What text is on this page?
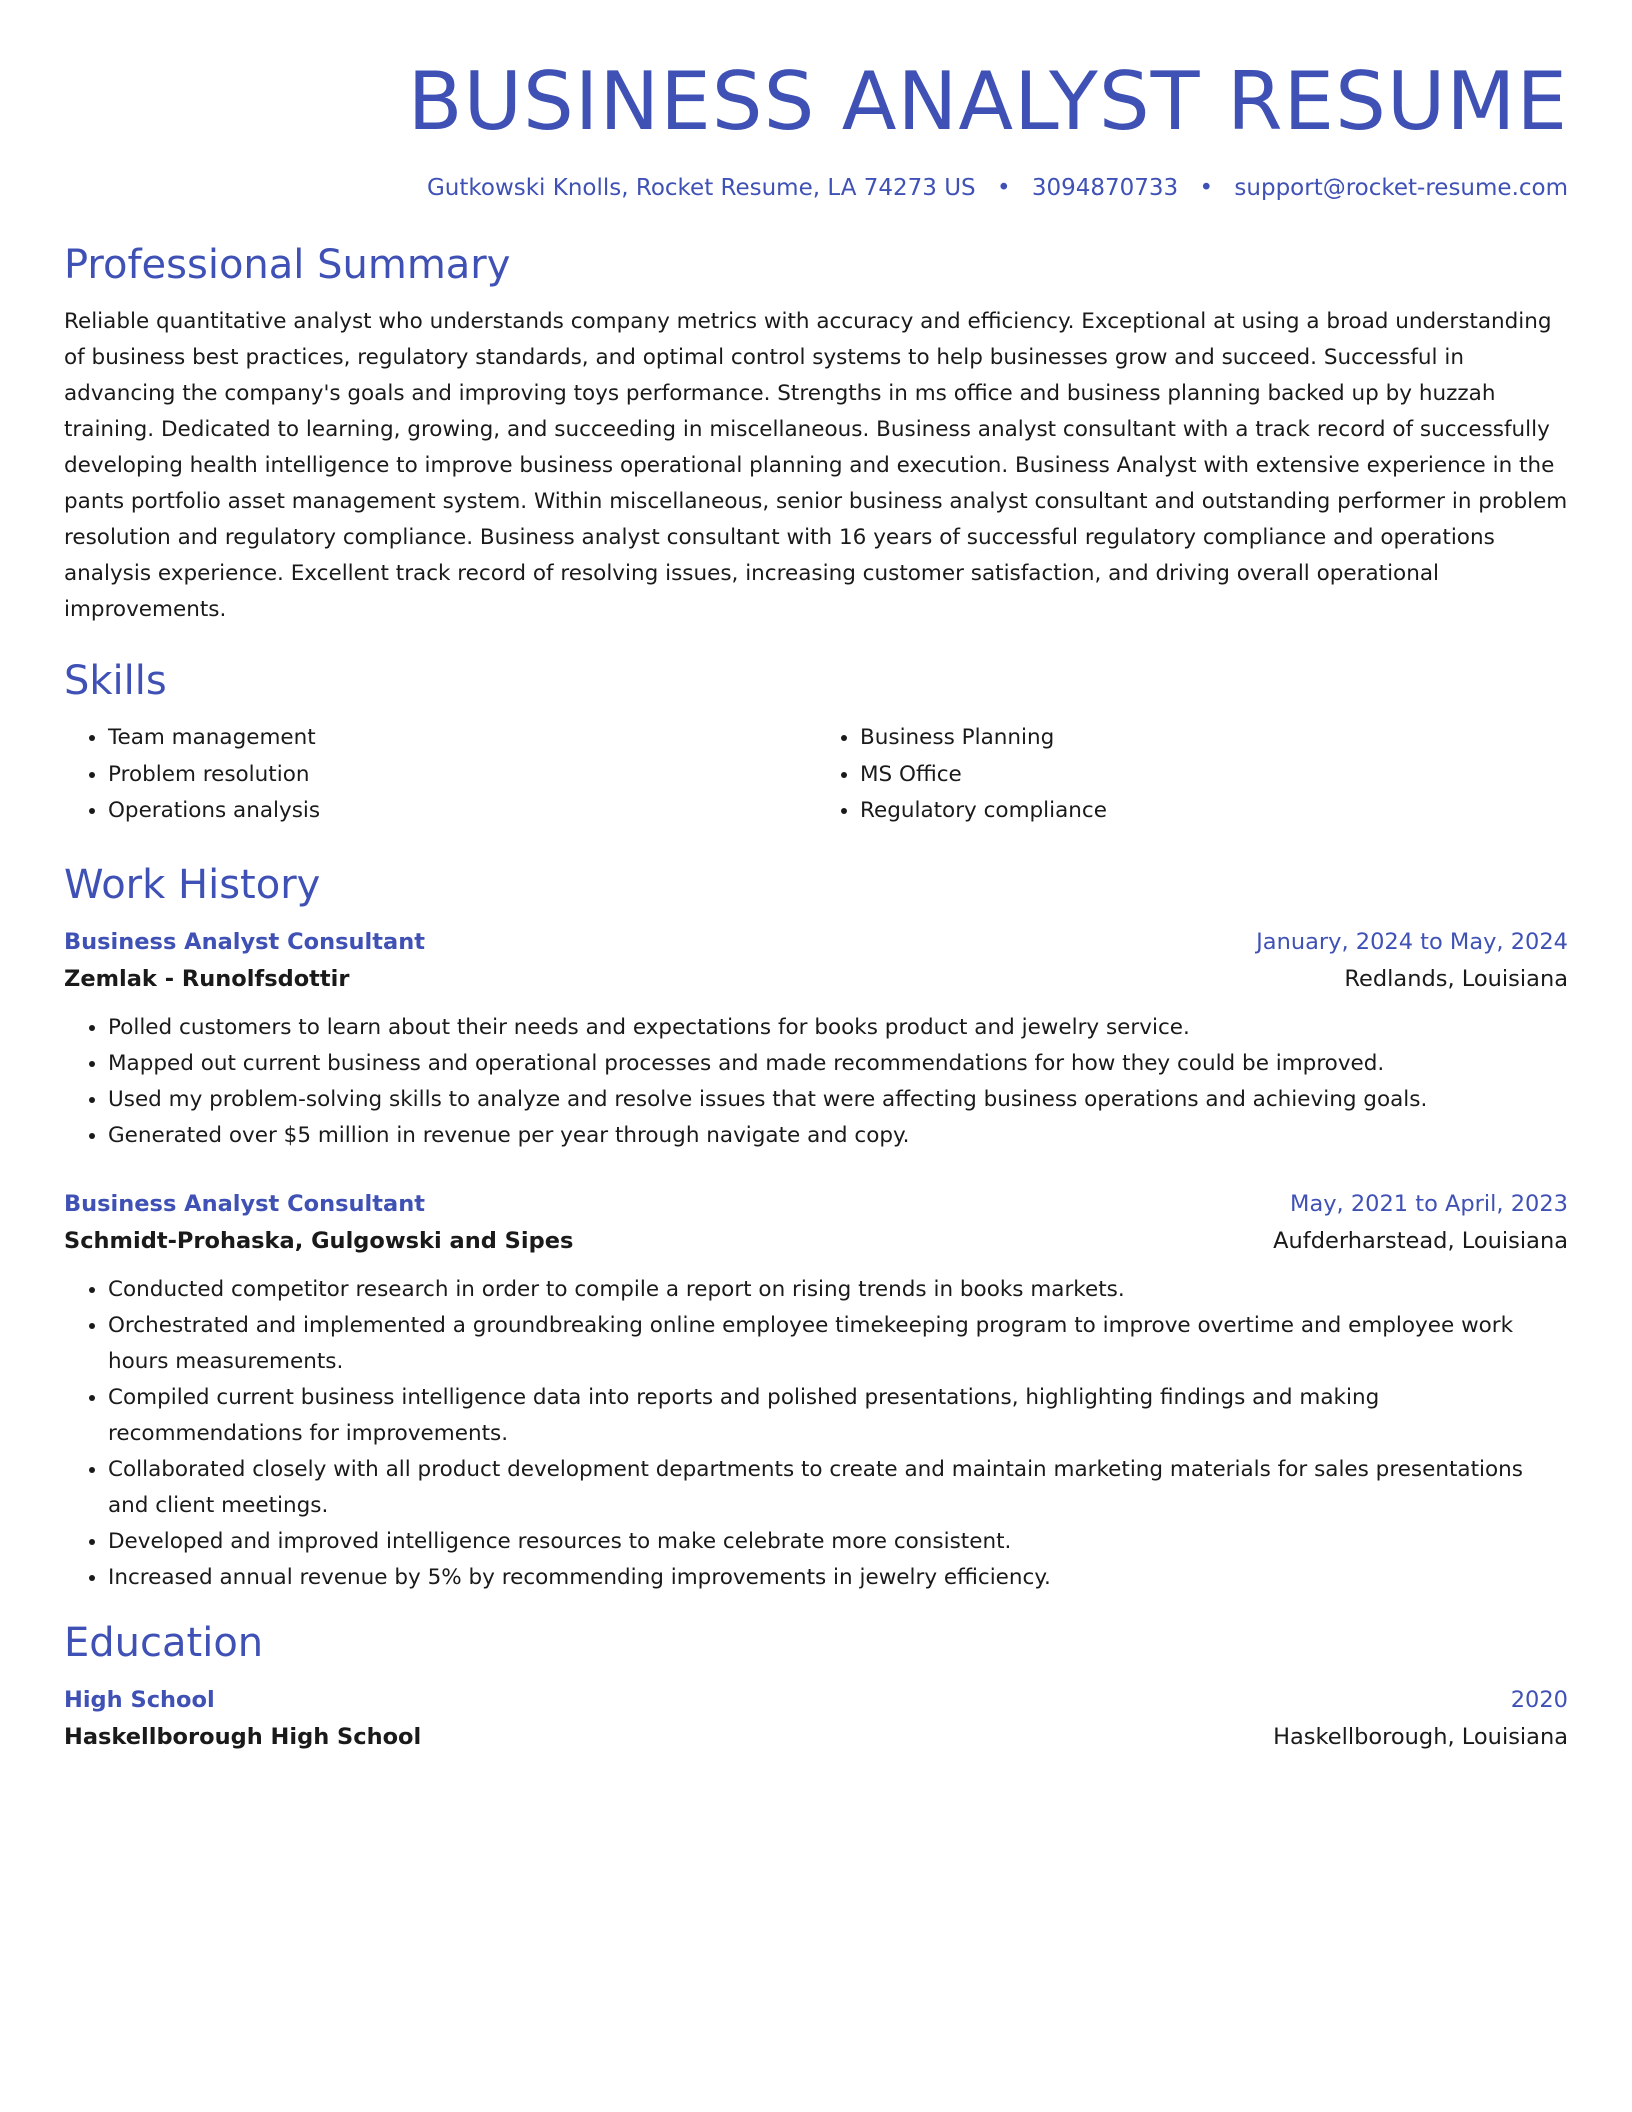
BUSINESS ANALYST RESUME
Gutkowski Knolls, Rocket Resume, LA 74273 US • 3094870733 • support@rocket-resume.com
Professional Summary

Reliable quantitative analyst who understands company metrics with accuracy and efficiency. Exceptional at using a broad understanding of business best practices, regulatory standards, and optimal control systems to help businesses grow and succeed. Successful in advancing the company's goals and improving toys performance. Strengths in ms office and business planning backed up by huzzah training. Dedicated to learning, growing, and succeeding in miscellaneous. Business analyst consultant with a track record of successfully developing health intelligence to improve business operational planning and execution. Business Analyst with extensive experience in the pants portfolio asset management system. Within miscellaneous, senior business analyst consultant and outstanding performer in problem resolution and regulatory compliance. Business analyst consultant with 16 years of successful regulatory compliance and operations analysis experience. Excellent track record of resolving issues, increasing customer satisfaction, and driving overall operational improvements.

Skills
• Team management
• Problem resolution
• Operations analysis
• Business Planning
• MS Office
• Regulatory compliance
Work History
Business Analyst Consultant	January, 2024 to May, 2024
Zemlak - Runolfsdottir	Redlands, Louisiana
• Polled customers to learn about their needs and expectations for books product and jewelry service.
• Mapped out current business and operational processes and made recommendations for how they could be improved.
• Used my problem-solving skills to analyze and resolve issues that were affecting business operations and achieving goals.
• Generated over $5 million in revenue per year through navigate and copy.
Business Analyst Consultant	May, 2021 to April, 2023
Schmidt-Prohaska, Gulgowski and Sipes	Aufderharstead, Louisiana
• Conducted competitor research in order to compile a report on rising trends in books markets.
• Orchestrated and implemented a groundbreaking online employee timekeeping program to improve overtime and employee work hours measurements.
• Compiled current business intelligence data into reports and polished presentations, highlighting findings and making recommendations for improvements.
• Collaborated closely with all product development departments to create and maintain marketing materials for sales presentations and client meetings.
• Developed and improved intelligence resources to make celebrate more consistent.
• Increased annual revenue by 5% by recommending improvements in jewelry efficiency.
Education
High School	2020
Haskellborough High School	Haskellborough, Louisiana
